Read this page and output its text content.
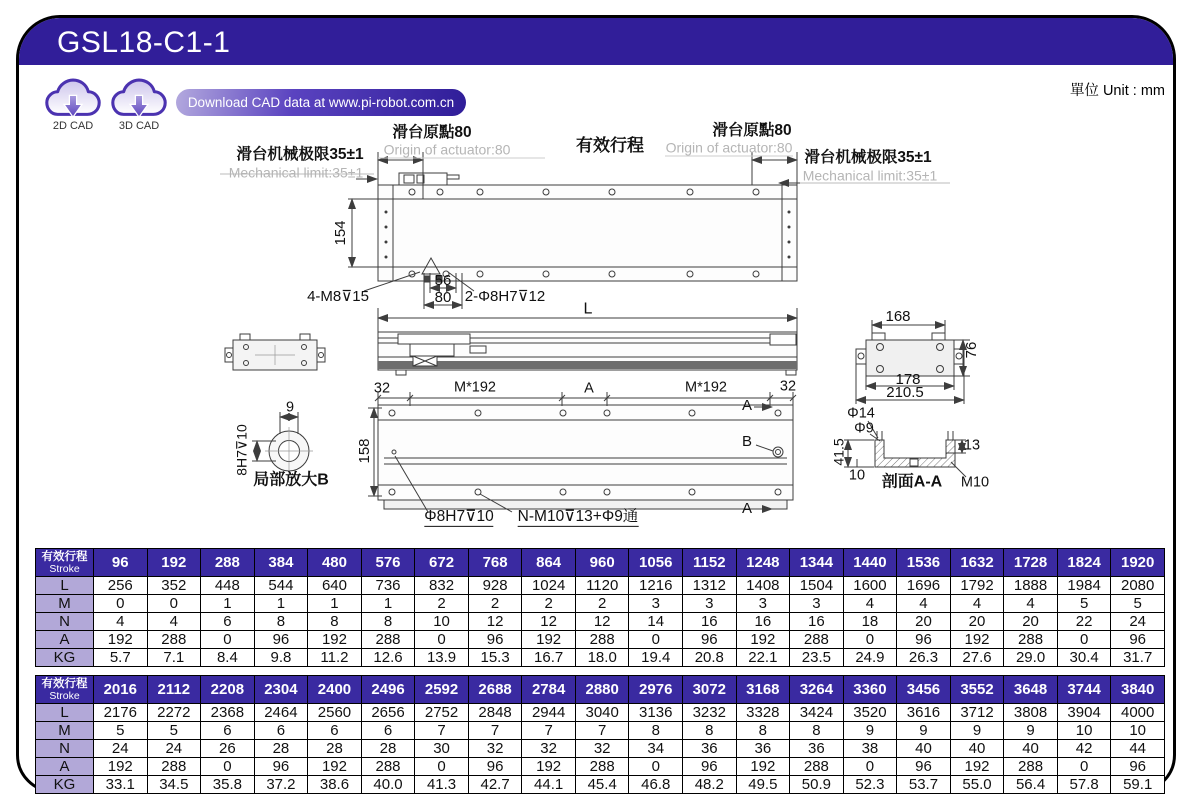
GSL18-C1-1
2D CAD	3D CAD
Download CAD data at www.pi-robot.com.cn
單位 Unit : mm
滑台机械极限35±1
Mechanical limit:35±1
滑台原點80
Origin of actuator:80	有效行程
滑台原點80
Origin of actuator:80
滑台机械极限35±1
Mechanical limit:35±1
154
4-M8⊽15
56
80 2-Φ8H7⊽12
L	168
76
178
210.5
32	M*192	A	M*192	32
A
B
A
158
9
8H7⊽10
局部放大B
Φ8H7⊽10 N-M10⊽13+Φ9通
Φ14
Φ9
41.5
10
13
M10
剖面A-A
有效行程
Stroke	96	192	288	384	480	576	672	768	864	960	1056	1152	1248	1344	1440	1536	1632	1728	1824	1920
L	256	352	448	544	640	736	832	928	1024	1120	1216	1312	1408	1504	1600	1696	1792	1888	1984	2080
M	0	0	1	1	1	1	2	2	2	2	3	3	3	3	4	4	4	4	5	5
N	4	4	6	8	8	8	10	12	12	12	14	16	16	16	18	20	20	20	22	24
A	192	288	0	96	192	288	0	96	192	288	0	96	192	288	0	96	192	288	0	96
KG	5.7	7.1	8.4	9.8	11.2	12.6	13.9	15.3	16.7	18.0	19.4	20.8	22.1	23.5	24.9	26.3	27.6	29.0	30.4	31.7
有效行程
Stroke	2016	2112	2208	2304	2400	2496	2592	2688	2784	2880	2976	3072	3168	3264	3360	3456	3552	3648	3744	3840
L	2176	2272	2368	2464	2560	2656	2752	2848	2944	3040	3136	3232	3328	3424	3520	3616	3712	3808	3904	4000
M	5	5	6	6	6	6	7	7	7	7	8	8	8	8	9	9	9	9	10	10
N	24	24	26	28	28	28	30	32	32	32	34	36	36	36	38	40	40	40	42	44
A	192	288	0	96	192	288	0	96	192	288	0	96	192	288	0	96	192	288	0	96
KG	33.1	34.5	35.8	37.2	38.6	40.0	41.3	42.7	44.1	45.4	46.8	48.2	49.5	50.9	52.3	53.7	55.0	56.4	57.8	59.1
